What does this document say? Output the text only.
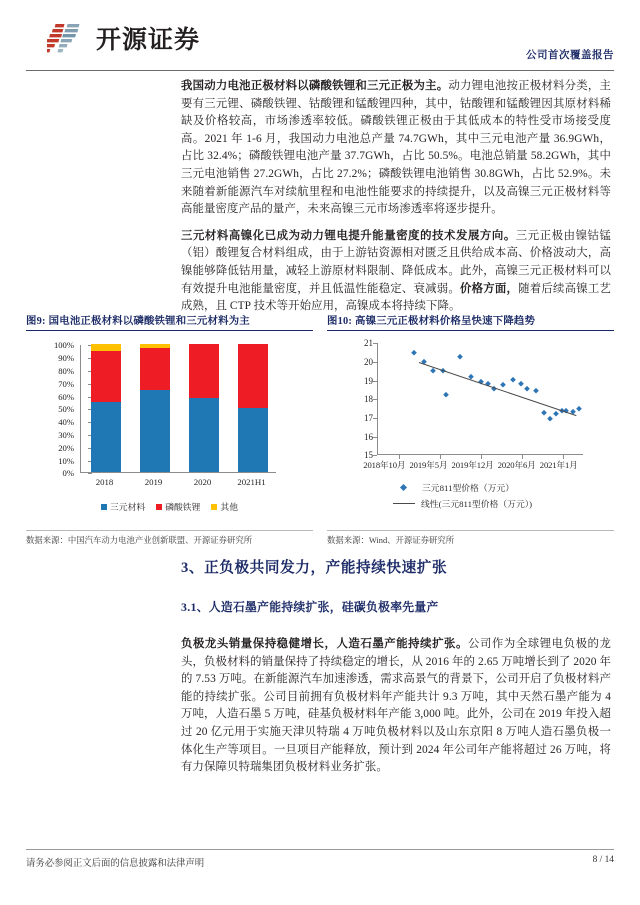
开源证券
公司首次覆盖报告

我国动力电池正极材料以磷酸铁锂和三元正极为主。动力锂电池按正极材料分类，主要有三元锂、磷酸铁锂、钴酸锂和锰酸锂四种，其中，钴酸锂和锰酸锂因其原材料稀缺及价格较高，市场渗透率较低。磷酸铁锂正极由于其低成本的特性受市场接受度高。2021 年 1-6 月，我国动力电池总产量 74.7GWh，其中三元电池产量 36.9GWh，占比 32.4%；磷酸铁锂电池产量 37.7GWh，占比 50.5%。电池总销量 58.2GWh，其中三元电池销售 27.2GWh，占比 27.2%；磷酸铁锂电池销售 30.8GWh，占比 52.9%。未来随着新能源汽车对续航里程和电池性能要求的持续提升，以及高镍三元正极材料等高能量密度产品的量产，未来高镍三元市场渗透率将逐步提升。

三元材料高镍化已成为动力锂电提升能量密度的技术发展方向。三元正极由镍钴锰（铝）酸锂复合材料组成，由于上游钴资源相对匮乏且供给成本高、价格波动大，高镍能够降低钴用量，减轻上游原材料限制、降低成本。此外，高镍三元正极材料可以有效提升电池能量密度，并且低温性能稳定、衰减弱。价格方面，随着后续高镍工艺成熟，且 CTP 技术等开始应用，高镍成本将持续下降。

图9: 国电池正极材料以磷酸铁锂和三元材料为主
0%
10%
20%
30%
40%
50%
60%
70%
80%
90%
100%
2018	2019	2020	2021H1
三元材料 磷酸铁锂 其他
数据来源：中国汽车动力电池产业创新联盟、开源证券研究所
图10: 高镍三元正极材料价格呈快速下降趋势
15
16
17
18
19
20
21
2018年10月 2019年5月 2019年12月 2020年6月 2021年1月
三元811型价格（万元）
线性(三元811型价格（万元）)
数据来源：Wind、开源证券研究所
3、正负极共同发力，产能持续快速扩张
3.1、人造石墨产能持续扩张，硅碳负极率先量产

负极龙头销量保持稳健增长，人造石墨产能持续扩张。公司作为全球锂电负极的龙头，负极材料的销量保持了持续稳定的增长，从 2016 年的 2.65 万吨增长到了 2020 年的 7.53 万吨。在新能源汽车加速渗透，需求高景气的背景下，公司开启了负极材料产能的持续扩张。公司目前拥有负极材料年产能共计 9.3 万吨，其中天然石墨产能为 4 万吨，人造石墨 5 万吨，硅基负极材料年产能 3,000 吨。此外，公司在 2019 年投入超过 20 亿元用于实施天津贝特瑞 4 万吨负极材料以及山东京阳 8 万吨人造石墨负极一体化生产等项目。一旦项目产能释放，预计到 2024 年公司年产能将超过 26 万吨，将有力保障贝特瑞集团负极材料业务扩张。

请务必参阅正文后面的信息披露和法律声明	8 / 14
